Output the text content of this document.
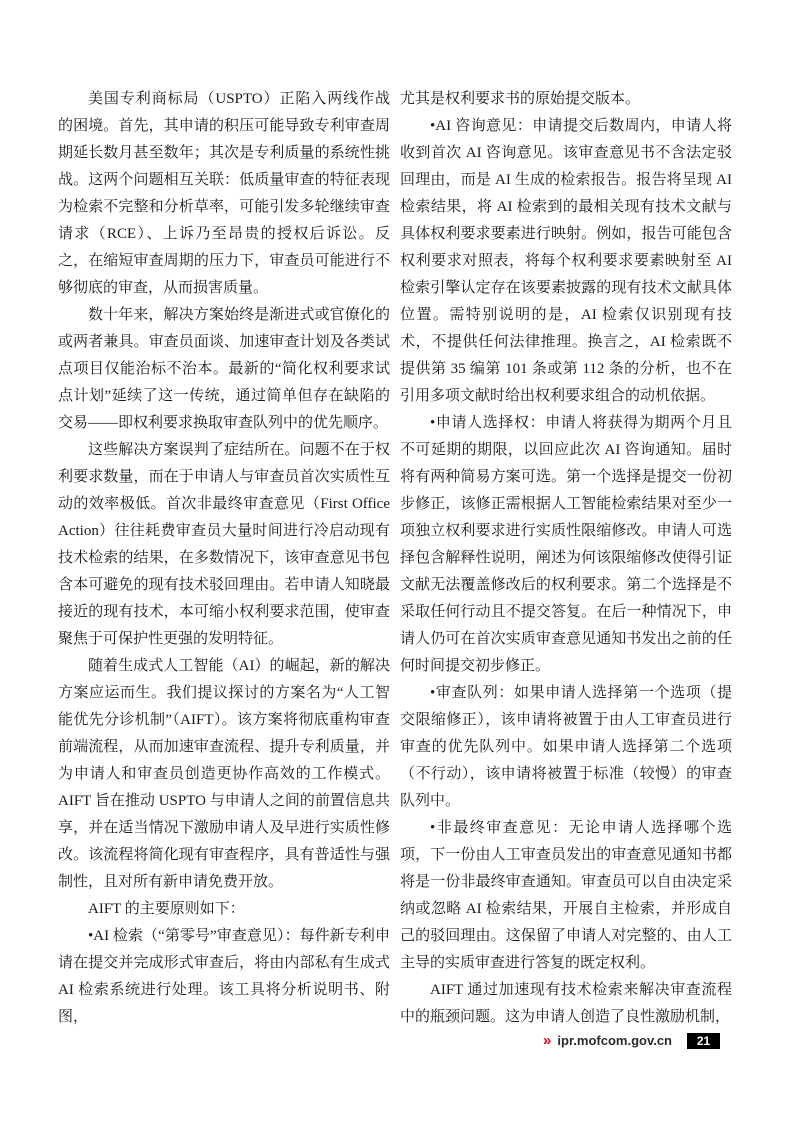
美国专利商标局（USPTO）正陷入两线作战的困境。首先，其申请的积压可能导致专利审查周期延长数月甚至数年；其次是专利质量的系统性挑战。这两个问题相互关联：低质量审查的特征表现为检索不完整和分析草率，可能引发多轮继续审查请求（RCE）、上诉乃至昂贵的授权后诉讼。反之，在缩短审查周期的压力下，审查员可能进行不够彻底的审查，从而损害质量。

数十年来，解决方案始终是渐进式或官僚化的或两者兼具。审查员面谈、加速审查计划及各类试点项目仅能治标不治本。最新的“简化权利要求试点计划”延续了这一传统，通过简单但存在缺陷的交易——即权利要求换取审查队列中的优先顺序。

这些解决方案误判了症结所在。问题不在于权利要求数量，而在于申请人与审查员首次实质性互动的效率极低。首次非最终审查意见（First Office Action）往往耗费审查员大量时间进行冷启动现有技术检索的结果，在多数情况下，该审查意见书包含本可避免的现有技术驳回理由。若申请人知晓最接近的现有技术，本可缩小权利要求范围，使审查聚焦于可保护性更强的发明特征。

随着生成式人工智能（AI）的崛起，新的解决方案应运而生。我们提议探讨的方案名为“人工智能优先分诊机制”（AIFT）。该方案将彻底重构审查前端流程，从而加速审查流程、提升专利质量，并为申请人和审查员创造更协作高效的工作模式。AIFT 旨在推动 USPTO 与申请人之间的前置信息共享，并在适当情况下激励申请人及早进行实质性修改。该流程将简化现有审查程序，具有普适性与强制性，且对所有新申请免费开放。

AIFT 的主要原则如下：

•AI 检索（“第零号”审查意见）：每件新专利申请在提交并完成形式审查后，将由内部私有生成式 AI 检索系统进行处理。该工具将分析说明书、附图，

尤其是权利要求书的原始提交版本。

•AI 咨询意见：申请提交后数周内，申请人将收到首次 AI 咨询意见。该审查意见书不含法定驳回理由，而是 AI 生成的检索报告。报告将呈现 AI 检索结果，将 AI 检索到的最相关现有技术文献与具体权利要求要素进行映射。例如，报告可能包含权利要求对照表，将每个权利要求要素映射至 AI 检索引擎认定存在该要素披露的现有技术文献具体位置。需特别说明的是，AI 检索仅识别现有技术，不提供任何法律推理。换言之，AI 检索既不提供第 35 编第 101 条或第 112 条的分析，也不在引用多项文献时给出权利要求组合的动机依据。

•申请人选择权：申请人将获得为期两个月且不可延期的期限，以回应此次 AI 咨询通知。届时将有两种简易方案可选。第一个选择是提交一份初步修正，该修正需根据人工智能检索结果对至少一项独立权利要求进行实质性限缩修改。申请人可选择包含解释性说明，阐述为何该限缩修改使得引证文献无法覆盖修改后的权利要求。第二个选择是不采取任何行动且不提交答复。在后一种情况下，申请人仍可在首次实质审查意见通知书发出之前的任何时间提交初步修正。

•审查队列：如果申请人选择第一个选项（提交限缩修正），该申请将被置于由人工审查员进行审查的优先队列中。如果申请人选择第二个选项（不行动），该申请将被置于标准（较慢）的审查队列中。

•非最终审查意见：无论申请人选择哪个选项，下一份由人工审查员发出的审查意见通知书都将是一份非最终审查通知。审查员可以自由决定采纳或忽略 AI 检索结果，开展自主检索，并形成自己的驳回理由。这保留了申请人对完整的、由人工主导的实质审查进行答复的既定权利。

AIFT 通过加速现有技术检索来解决审查流程中的瓶颈问题。这为申请人创造了良性激励机制，

» ipr.mofcom.gov.cn	21
